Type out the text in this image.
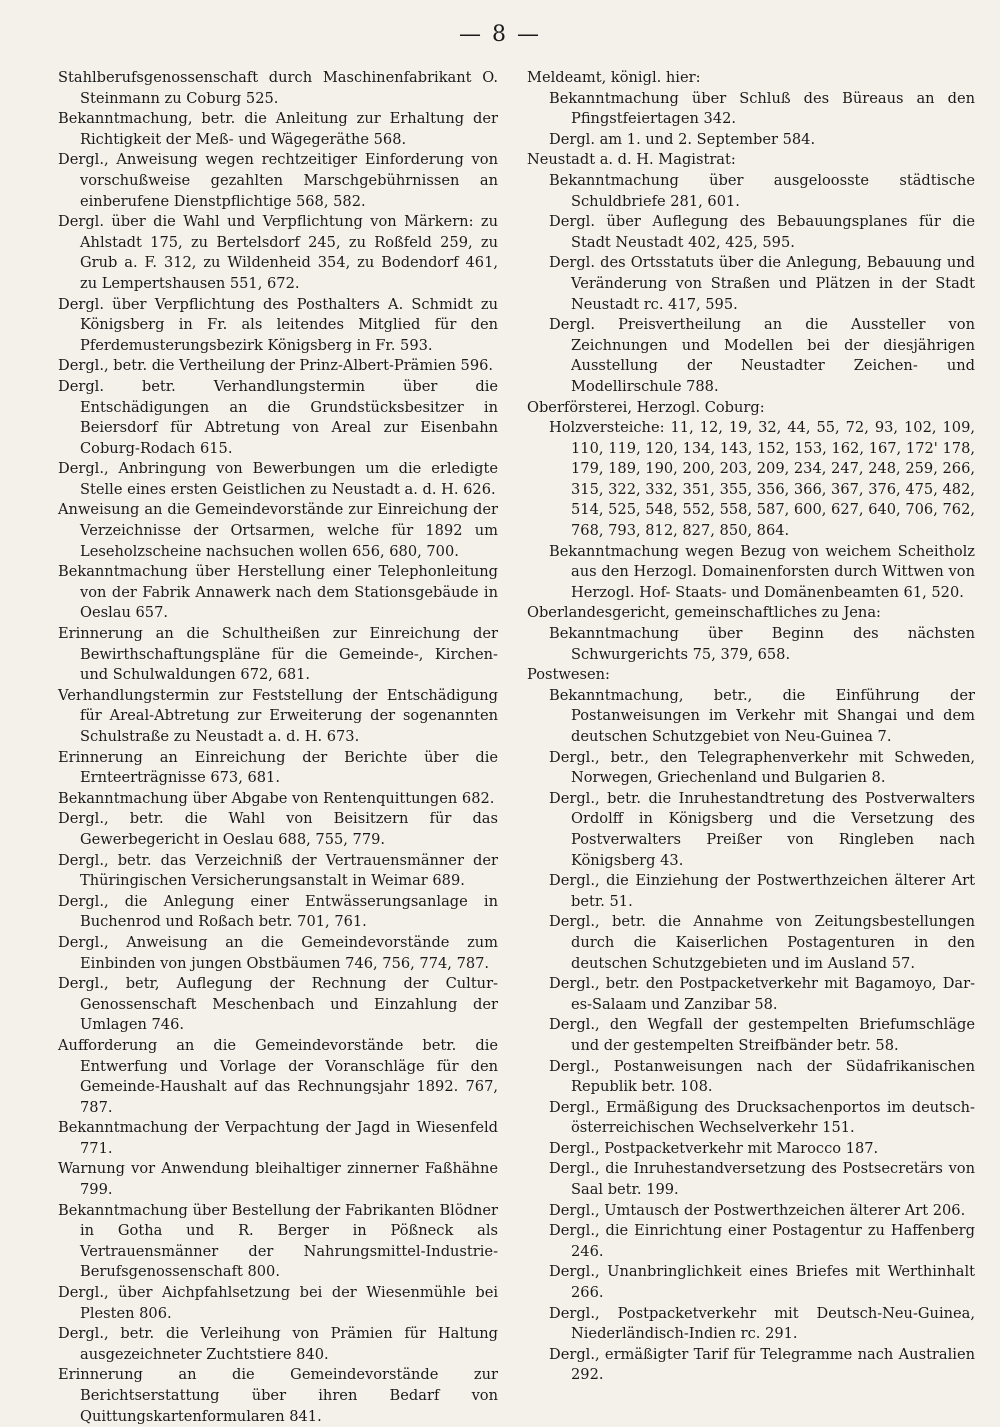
— 8 —
Stahlberufsgenossenschaft durch Maschinenfabrikant O. Steinmann zu Coburg 525.
Bekanntmachung, betr. die Anleitung zur Erhaltung der Richtigkeit der Meß- und Wägegeräthe 568.
Dergl., Anweisung wegen rechtzeitiger Einforderung von vorschußweise gezahlten Marschgebührnissen an einberufene Dienstpflichtige 568, 582.
Dergl. über die Wahl und Verpflichtung von Märkern: zu Ahlstadt 175, zu Bertelsdorf 245, zu Roßfeld 259, zu Grub a. F. 312, zu Wildenheid 354, zu Bodendorf 461, zu Lempertshausen 551, 672.
Dergl. über Verpflichtung des Posthalters A. Schmidt zu Königsberg in Fr. als leitendes Mitglied für den Pferdemusterungsbezirk Königsberg in Fr. 593.
Dergl., betr. die Vertheilung der Prinz-Albert-Prämien 596.
Dergl. betr. Verhandlungstermin über die Entschädigungen an die Grundstücksbesitzer in Beiersdorf für Abtretung von Areal zur Eisenbahn Coburg-Rodach 615.
Dergl., Anbringung von Bewerbungen um die erledigte Stelle eines ersten Geistlichen zu Neustadt a. d. H. 626.
Anweisung an die Gemeindevorstände zur Einreichung der Verzeichnisse der Ortsarmen, welche für 1892 um Leseholzscheine nachsuchen wollen 656, 680, 700.
Bekanntmachung über Herstellung einer Telephonleitung von der Fabrik Annawerk nach dem Stationsgebäude in Oeslau 657.
Erinnerung an die Schultheißen zur Einreichung der Bewirthschaftungspläne für die Gemeinde-, Kirchen- und Schulwaldungen 672, 681.
Verhandlungstermin zur Feststellung der Entschädigung für Areal-Abtretung zur Erweiterung der sogenannten Schulstraße zu Neustadt a. d. H. 673.
Erinnerung an Einreichung der Berichte über die Ernteerträgnisse 673, 681.
Bekanntmachung über Abgabe von Rentenquittungen 682.
Dergl., betr. die Wahl von Beisitzern für das Gewerbegericht in Oeslau 688, 755, 779.
Dergl., betr. das Verzeichniß der Vertrauensmänner der Thüringischen Versicherungsanstalt in Weimar 689.
Dergl., die Anlegung einer Entwässerungsanlage in Buchenrod und Roßach betr. 701, 761.
Dergl., Anweisung an die Gemeindevorstände zum Einbinden von jungen Obstbäumen 746, 756, 774, 787.
Dergl., betr, Auflegung der Rechnung der Cultur-Genossenschaft Meschenbach und Einzahlung der Umlagen 746.
Aufforderung an die Gemeindevorstände betr. die Entwerfung und Vorlage der Voranschläge für den Gemeinde-Haushalt auf das Rechnungsjahr 1892. 767, 787.
Bekanntmachung der Verpachtung der Jagd in Wiesenfeld 771.
Warnung vor Anwendung bleihaltiger zinnerner Faßhähne 799.
Bekanntmachung über Bestellung der Fabrikanten Blödner in Gotha und R. Berger in Pößneck als Vertrauensmänner der Nahrungsmittel-Industrie-Berufsgenossenschaft 800.
Dergl., über Aichpfahlsetzung bei der Wiesenmühle bei Plesten 806.
Dergl., betr. die Verleihung von Prämien für Haltung ausgezeichneter Zuchtstiere 840.
Erinnerung an die Gemeindevorstände zur Berichtserstattung über ihren Bedarf von Quittungskartenformularen 841.
Meldeamt, königl. hier:
Bekanntmachung über Schluß des Büreaus an den Pfingstfeiertagen 342.
Dergl. am 1. und 2. September 584.
Neustadt a. d. H. Magistrat:
Bekanntmachung über ausgeloosste städtische Schuldbriefe 281, 601.
Dergl. über Auflegung des Bebauungsplanes für die Stadt Neustadt 402, 425, 595.
Dergl. des Ortsstatuts über die Anlegung, Bebauung und Veränderung von Straßen und Plätzen in der Stadt Neustadt rc. 417, 595.
Dergl. Preisvertheilung an die Aussteller von Zeichnungen und Modellen bei der diesjährigen Ausstellung der Neustadter Zeichen- und Modellirschule 788.
Oberförsterei, Herzogl. Coburg:
Holzversteiche: 11, 12, 19, 32, 44, 55, 72, 93, 102, 109, 110, 119, 120, 134, 143, 152, 153, 162, 167, 172' 178, 179, 189, 190, 200, 203, 209, 234, 247, 248, 259, 266, 315, 322, 332, 351, 355, 356, 366, 367, 376, 475, 482, 514, 525, 548, 552, 558, 587, 600, 627, 640, 706, 762, 768, 793, 812, 827, 850, 864.
Bekanntmachung wegen Bezug von weichem Scheitholz aus den Herzogl. Domainenforsten durch Wittwen von Herzogl. Hof- Staats- und Domänenbeamten 61, 520.
Oberlandesgericht, gemeinschaftliches zu Jena:
Bekanntmachung über Beginn des nächsten Schwurgerichts 75, 379, 658.
Postwesen:
Bekanntmachung, betr., die Einführung der Postanweisungen im Verkehr mit Shangai und dem deutschen Schutzgebiet von Neu-Guinea 7.
Dergl., betr., den Telegraphenverkehr mit Schweden, Norwegen, Griechenland und Bulgarien 8.
Dergl., betr. die Inruhestandtretung des Postverwalters Ordolff in Königsberg und die Versetzung des Postverwalters Preißer von Ringleben nach Königsberg 43.
Dergl., die Einziehung der Postwerthzeichen älterer Art betr. 51.
Dergl., betr. die Annahme von Zeitungsbestellungen durch die Kaiserlichen Postagenturen in den deutschen Schutzgebieten und im Ausland 57.
Dergl., betr. den Postpacketverkehr mit Bagamoyo, Dar-es-Salaam und Zanzibar 58.
Dergl., den Wegfall der gestempelten Briefumschläge und der gestempelten Streifbänder betr. 58.
Dergl., Postanweisungen nach der Südafrikanischen Republik betr. 108.
Dergl., Ermäßigung des Drucksachenportos im deutsch-österreichischen Wechselverkehr 151.
Dergl., Postpacketverkehr mit Marocco 187.
Dergl., die Inruhestandversetzung des Postsecretärs von Saal betr. 199.
Dergl., Umtausch der Postwerthzeichen älterer Art 206.
Dergl., die Einrichtung einer Postagentur zu Haffenberg 246.
Dergl., Unanbringlichkeit eines Briefes mit Werthinhalt 266.
Dergl., Postpacketverkehr mit Deutsch-Neu-Guinea, Niederländisch-Indien rc. 291.
Dergl., ermäßigter Tarif für Telegramme nach Australien 292.
